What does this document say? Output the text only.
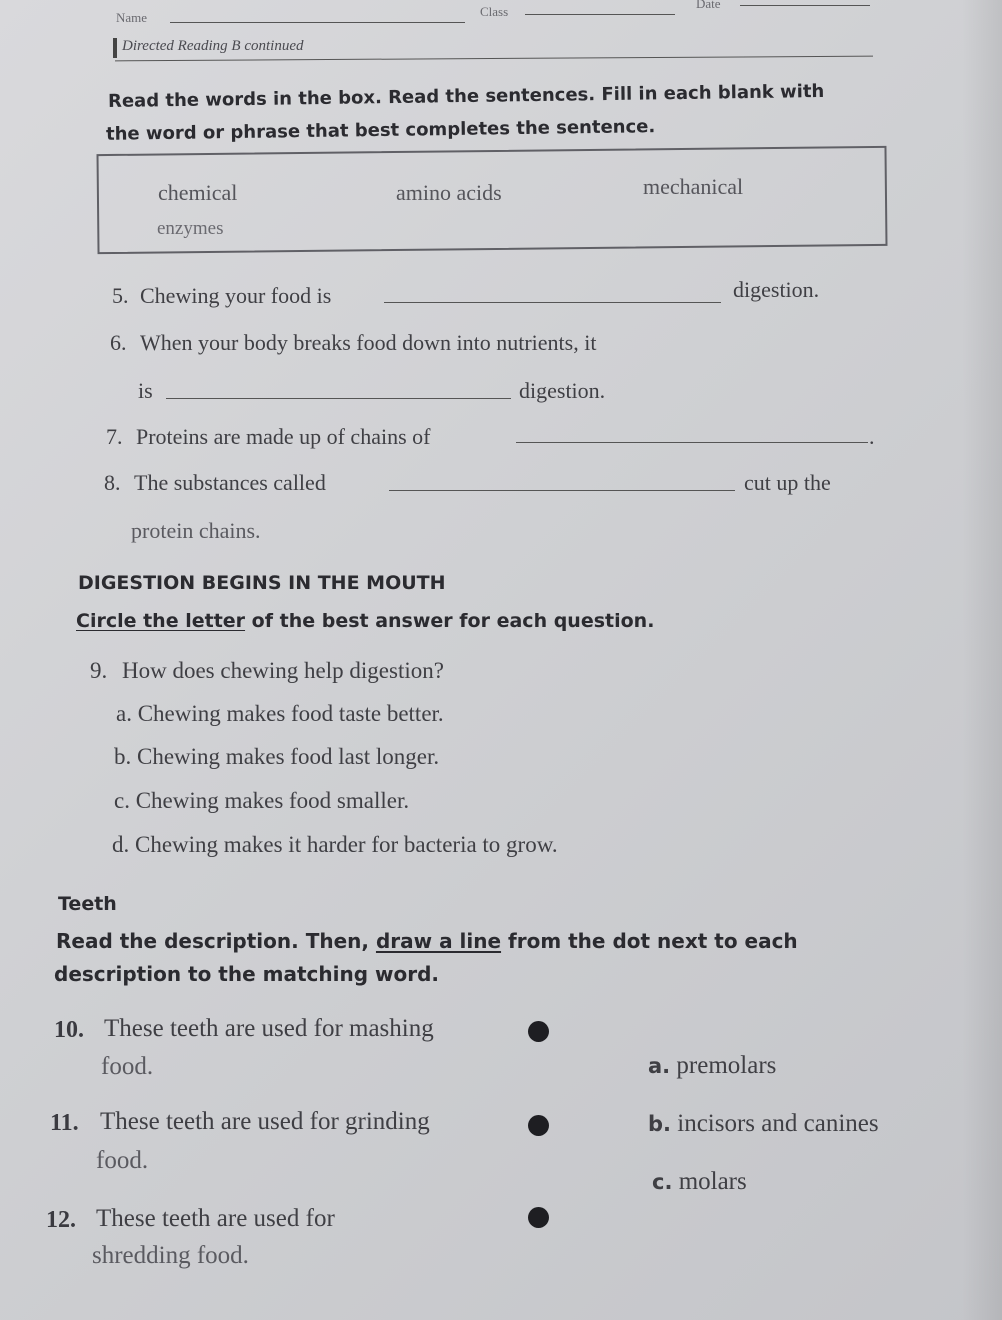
Name	Class
Date
Directed Reading B continued
Read the words in the box. Read the sentences. Fill in each blank with
the word or phrase that best completes the sentence.
chemical	amino acids	mechanical
enzymes
5. Chewing your food is	digestion.
6. When your body breaks food down into nutrients, it
is	digestion.
7. Proteins are made up of chains of	.
8. The substances called	cut up the
protein chains.
DIGESTION BEGINS IN THE MOUTH
Circle the letter of the best answer for each question.
9. How does chewing help digestion?
a. Chewing makes food taste better.
b. Chewing makes food last longer.
c. Chewing makes food smaller.
d. Chewing makes it harder for bacteria to grow.
Teeth
Read the description. Then, draw a line from the dot next to each
description to the matching word.
10. These teeth are used for mashing
food.
11. These teeth are used for grinding
food.
12. These teeth are used for
shredding food.
a. premolars
b. incisors and canines
c. molars
